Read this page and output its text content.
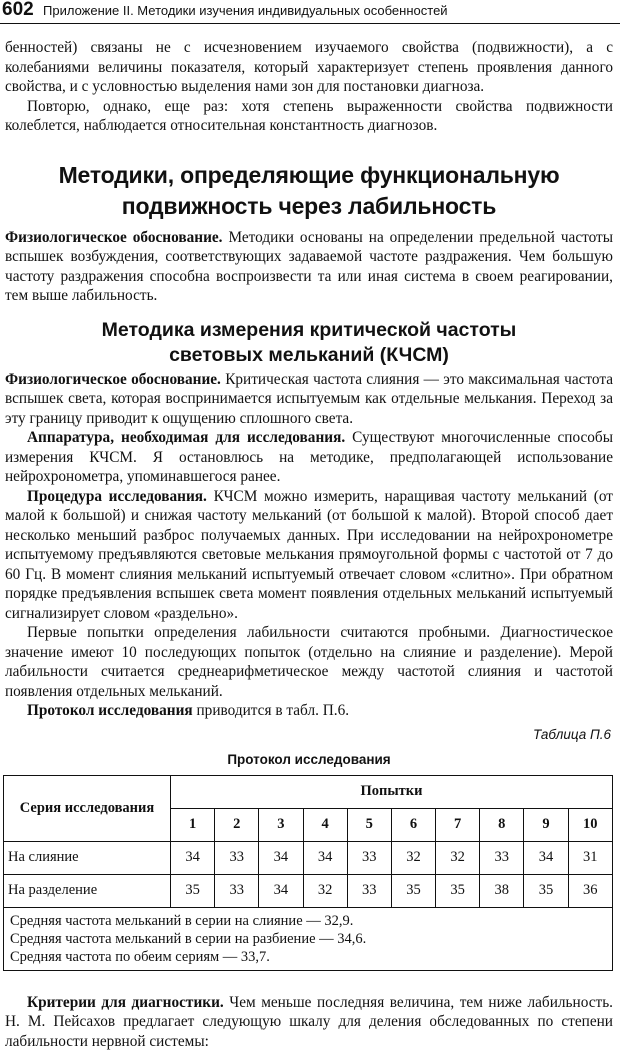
602 Приложение II. Методики изучения индивидуальных особенностей

бенностей) связаны не с исчезновением изучаемого свойства (подвижности), а с колебаниями величины показателя, который характеризует степень проявления данного свойства, и с условностью выделения нами зон для постановки диагноза.

Повторю, однако, еще раз: хотя степень выраженности свойства подвижности колеблется, наблюдается относительная константность диагнозов.

Методики, определяющие функциональную
подвижность через лабильность

Физиологическое обоснование. Методики основаны на определении предельной частоты вспышек возбуждения, соответствующих задаваемой частоте раздражения. Чем большую частоту раздражения способна воспроизвести та или иная система в своем реагировании, тем выше лабильность.

Методика измерения критической частоты
световых мельканий (КЧСМ)

Физиологическое обоснование. Критическая частота слияния — это максимальная частота вспышек света, которая воспринимается испытуемым как отдельные мелькания. Переход за эту границу приводит к ощущению сплошного света.

Аппаратура, необходимая для исследования. Существуют многочисленные способы измерения КЧСМ. Я остановлюсь на методике, предполагающей использование нейрохронометра, упоминавшегося ранее.

Процедура исследования. КЧСМ можно измерить, наращивая частоту мельканий (от малой к большой) и снижая частоту мельканий (от большой к малой). Второй способ дает несколько меньший разброс получаемых данных. При исследовании на нейрохронометре испытуемому предъявляются световые мелькания прямоугольной формы с частотой от 7 до 60 Гц. В момент слияния мельканий испытуемый отвечает словом «слитно». При обратном порядке предъявления вспышек света момент появления отдельных мельканий испытуемый сигнализирует словом «раздельно».

Первые попытки определения лабильности считаются пробными. Диагностическое значение имеют 10 последующих попыток (отдельно на слияние и разделение). Мерой лабильности считается среднеарифметическое между частотой слияния и частотой появления отдельных мельканий.

Протокол исследования приводится в табл. П.6.

Таблица П.6
Протокол исследования
Серия исследования	Попытки									
	1	2	3	4	5	6	7	8	9	10
На слияние	34	33	34	34	33	32	32	33	34	31
На разделение	35	33	34	32	33	35	35	38	35	36

Средняя частота мельканий в серии на слияние — 32,9.
Средняя частота мельканий в серии на разбиение — 34,6.
Средняя частота по обеим сериям — 33,7.										

Критерии для диагностики. Чем меньше последняя величина, тем ниже лабильность. Н. М. Пейсахов предлагает следующую шкалу для деления обследованных по степени лабильности нервной системы:
